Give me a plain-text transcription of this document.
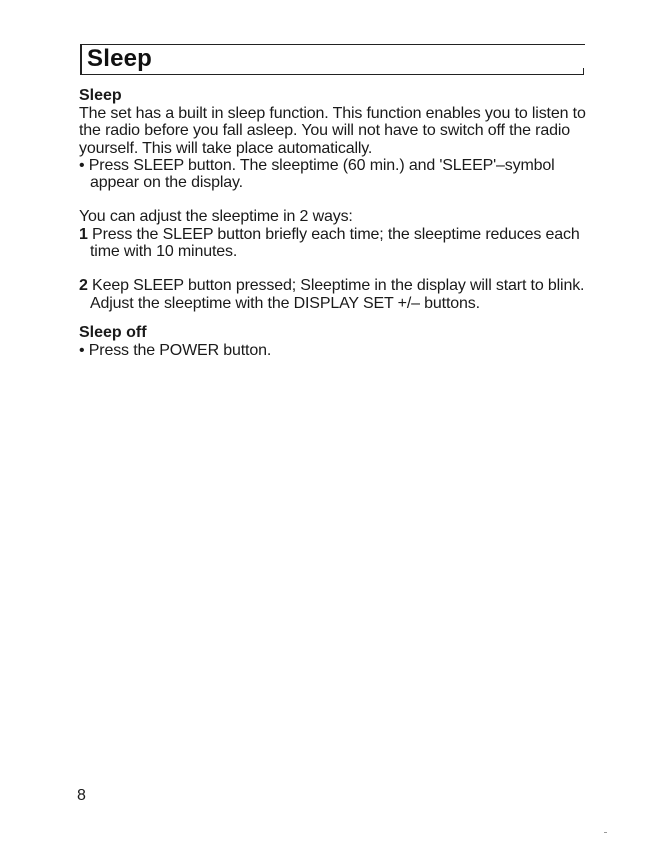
Sleep

Sleep

The set has a built in sleep function. This function enables you to listen to the radio before you fall asleep. You will not have to switch off the radio yourself. This will take place automatically.

• Press SLEEP button. The sleeptime (60 min.) and 'SLEEP'–symbol appear on the display.

You can adjust the sleeptime in 2 ways:

1 Press the SLEEP button briefly each time; the sleeptime reduces each time with 10 minutes.

2 Keep SLEEP button pressed; Sleeptime in the display will start to blink. Adjust the sleeptime with the DISPLAY SET +/– buttons.

Sleep off

• Press the POWER button.

8
